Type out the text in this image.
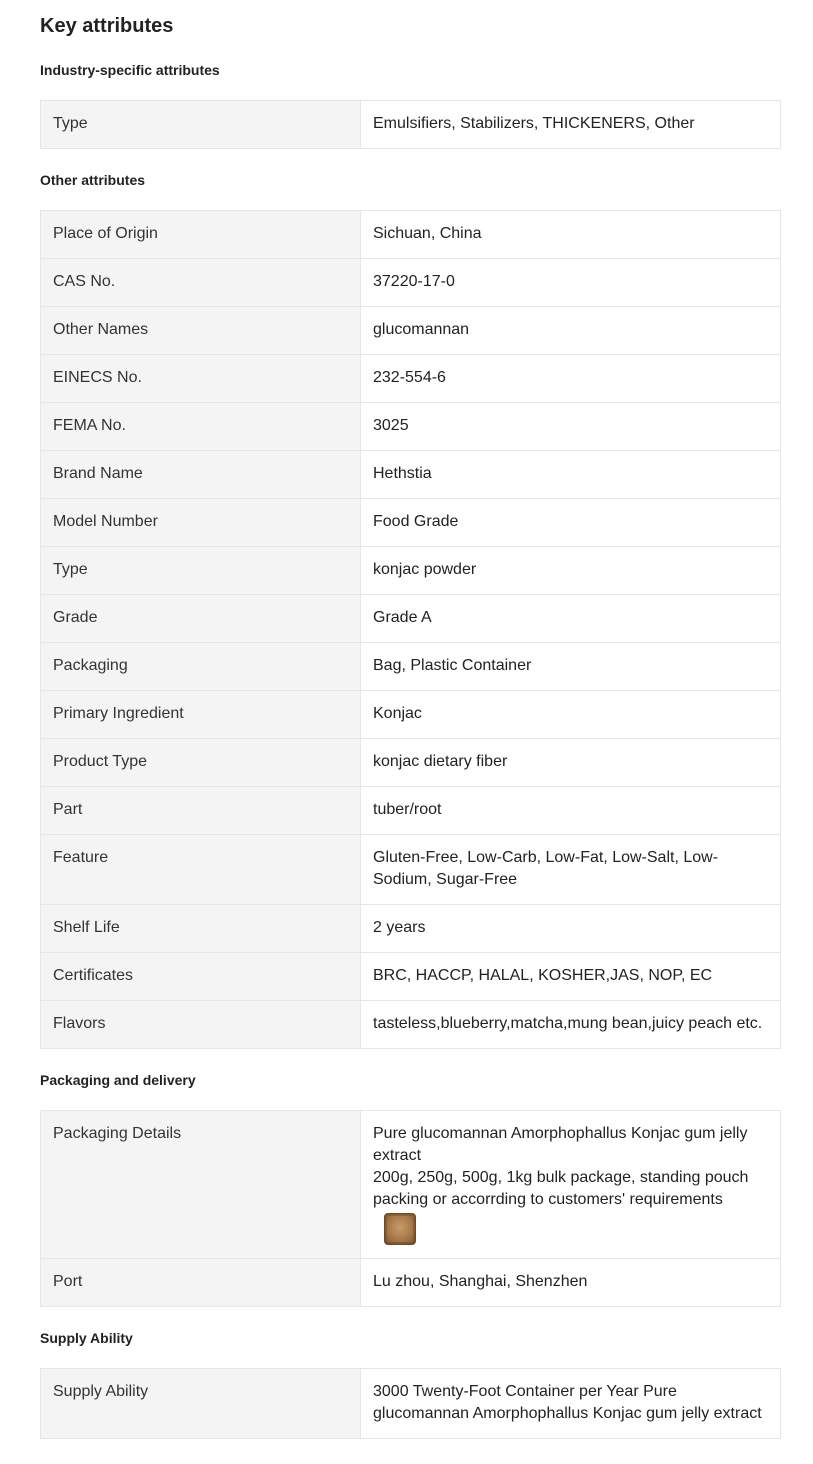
Key attributes
Industry-specific attributes
Type	Emulsifiers, Stabilizers, THICKENERS, Other
Other attributes
Place of Origin	Sichuan, China
CAS No.	37220-17-0
Other Names	glucomannan
EINECS No.	232-554-6
FEMA No.	3025
Brand Name	Hethstia
Model Number	Food Grade
Type	konjac powder
Grade	Grade A
Packaging	Bag, Plastic Container
Primary Ingredient	Konjac
Product Type	konjac dietary fiber
Part	tuber/root
Feature	Gluten-Free, Low-Carb, Low-Fat, Low-Salt, Low-Sodium, Sugar-Free
Shelf Life	2 years
Certificates	BRC, HACCP, HALAL, KOSHER,JAS, NOP, EC
Flavors	tasteless,blueberry,matcha,mung bean,juicy peach etc.
Packaging and delivery
Packaging Details	Pure glucomannan Amorphophallus Konjac gum jelly extract
200g, 250g, 500g, 1kg bulk package, standing pouch packing or accorrding to customers' requirements

Port	Lu zhou, Shanghai, Shenzhen
Supply Ability
Supply Ability	3000 Twenty-Foot Container per Year Pure glucomannan Amorphophallus Konjac gum jelly extract
